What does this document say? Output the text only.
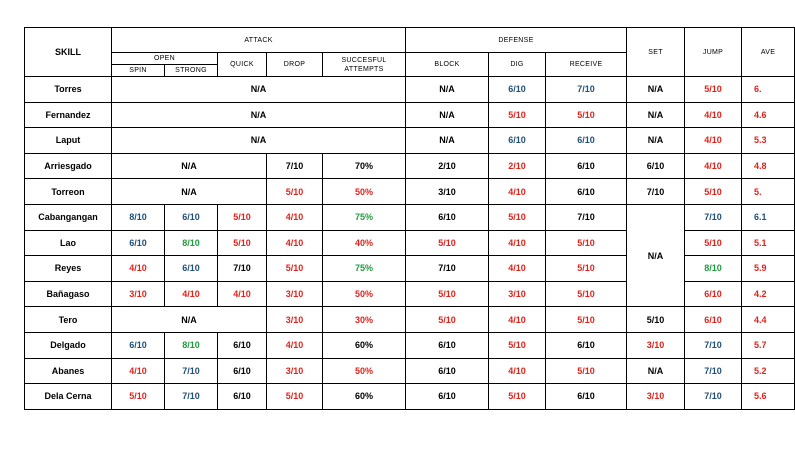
SKILL	ATTACK					DEFENSE			SET	JUMP	AVE
	OPEN		QUICK	DROP	SUCCESFUL ATTEMPTS	BLOCK	DIG	RECEIVE			
	SPIN	STRONG									
Torres	N/A					N/A	6/10	7/10	N/A	5/10	6.
Fernandez	N/A					N/A	5/10	5/10	N/A	4/10	4.6
Laput	N/A					N/A	6/10	6/10	N/A	4/10	5.3
Arriesgado	N/A			7/10	70%	2/10	2/10	6/10	6/10	4/10	4.8
Torreon	N/A			5/10	50%	3/10	4/10	6/10	7/10	5/10	5.
Cabangangan	8/10	6/10	5/10	4/10	75%	6/10	5/10	7/10	N/A	7/10	6.1
Lao	6/10	8/10	5/10	4/10	40%	5/10	4/10	5/10		5/10	5.1
Reyes	4/10	6/10	7/10	5/10	75%	7/10	4/10	5/10		8/10	5.9
Bañagaso	3/10	4/10	4/10	3/10	50%	5/10	3/10	5/10		6/10	4.2
Tero	N/A			3/10	30%	5/10	4/10	5/10	5/10	6/10	4.4
Delgado	6/10	8/10	6/10	4/10	60%	6/10	5/10	6/10	3/10	7/10	5.7
Abanes	4/10	7/10	6/10	3/10	50%	6/10	4/10	5/10	N/A	7/10	5.2
Dela Cerna	5/10	7/10	6/10	5/10	60%	6/10	5/10	6/10	3/10	7/10	5.6
